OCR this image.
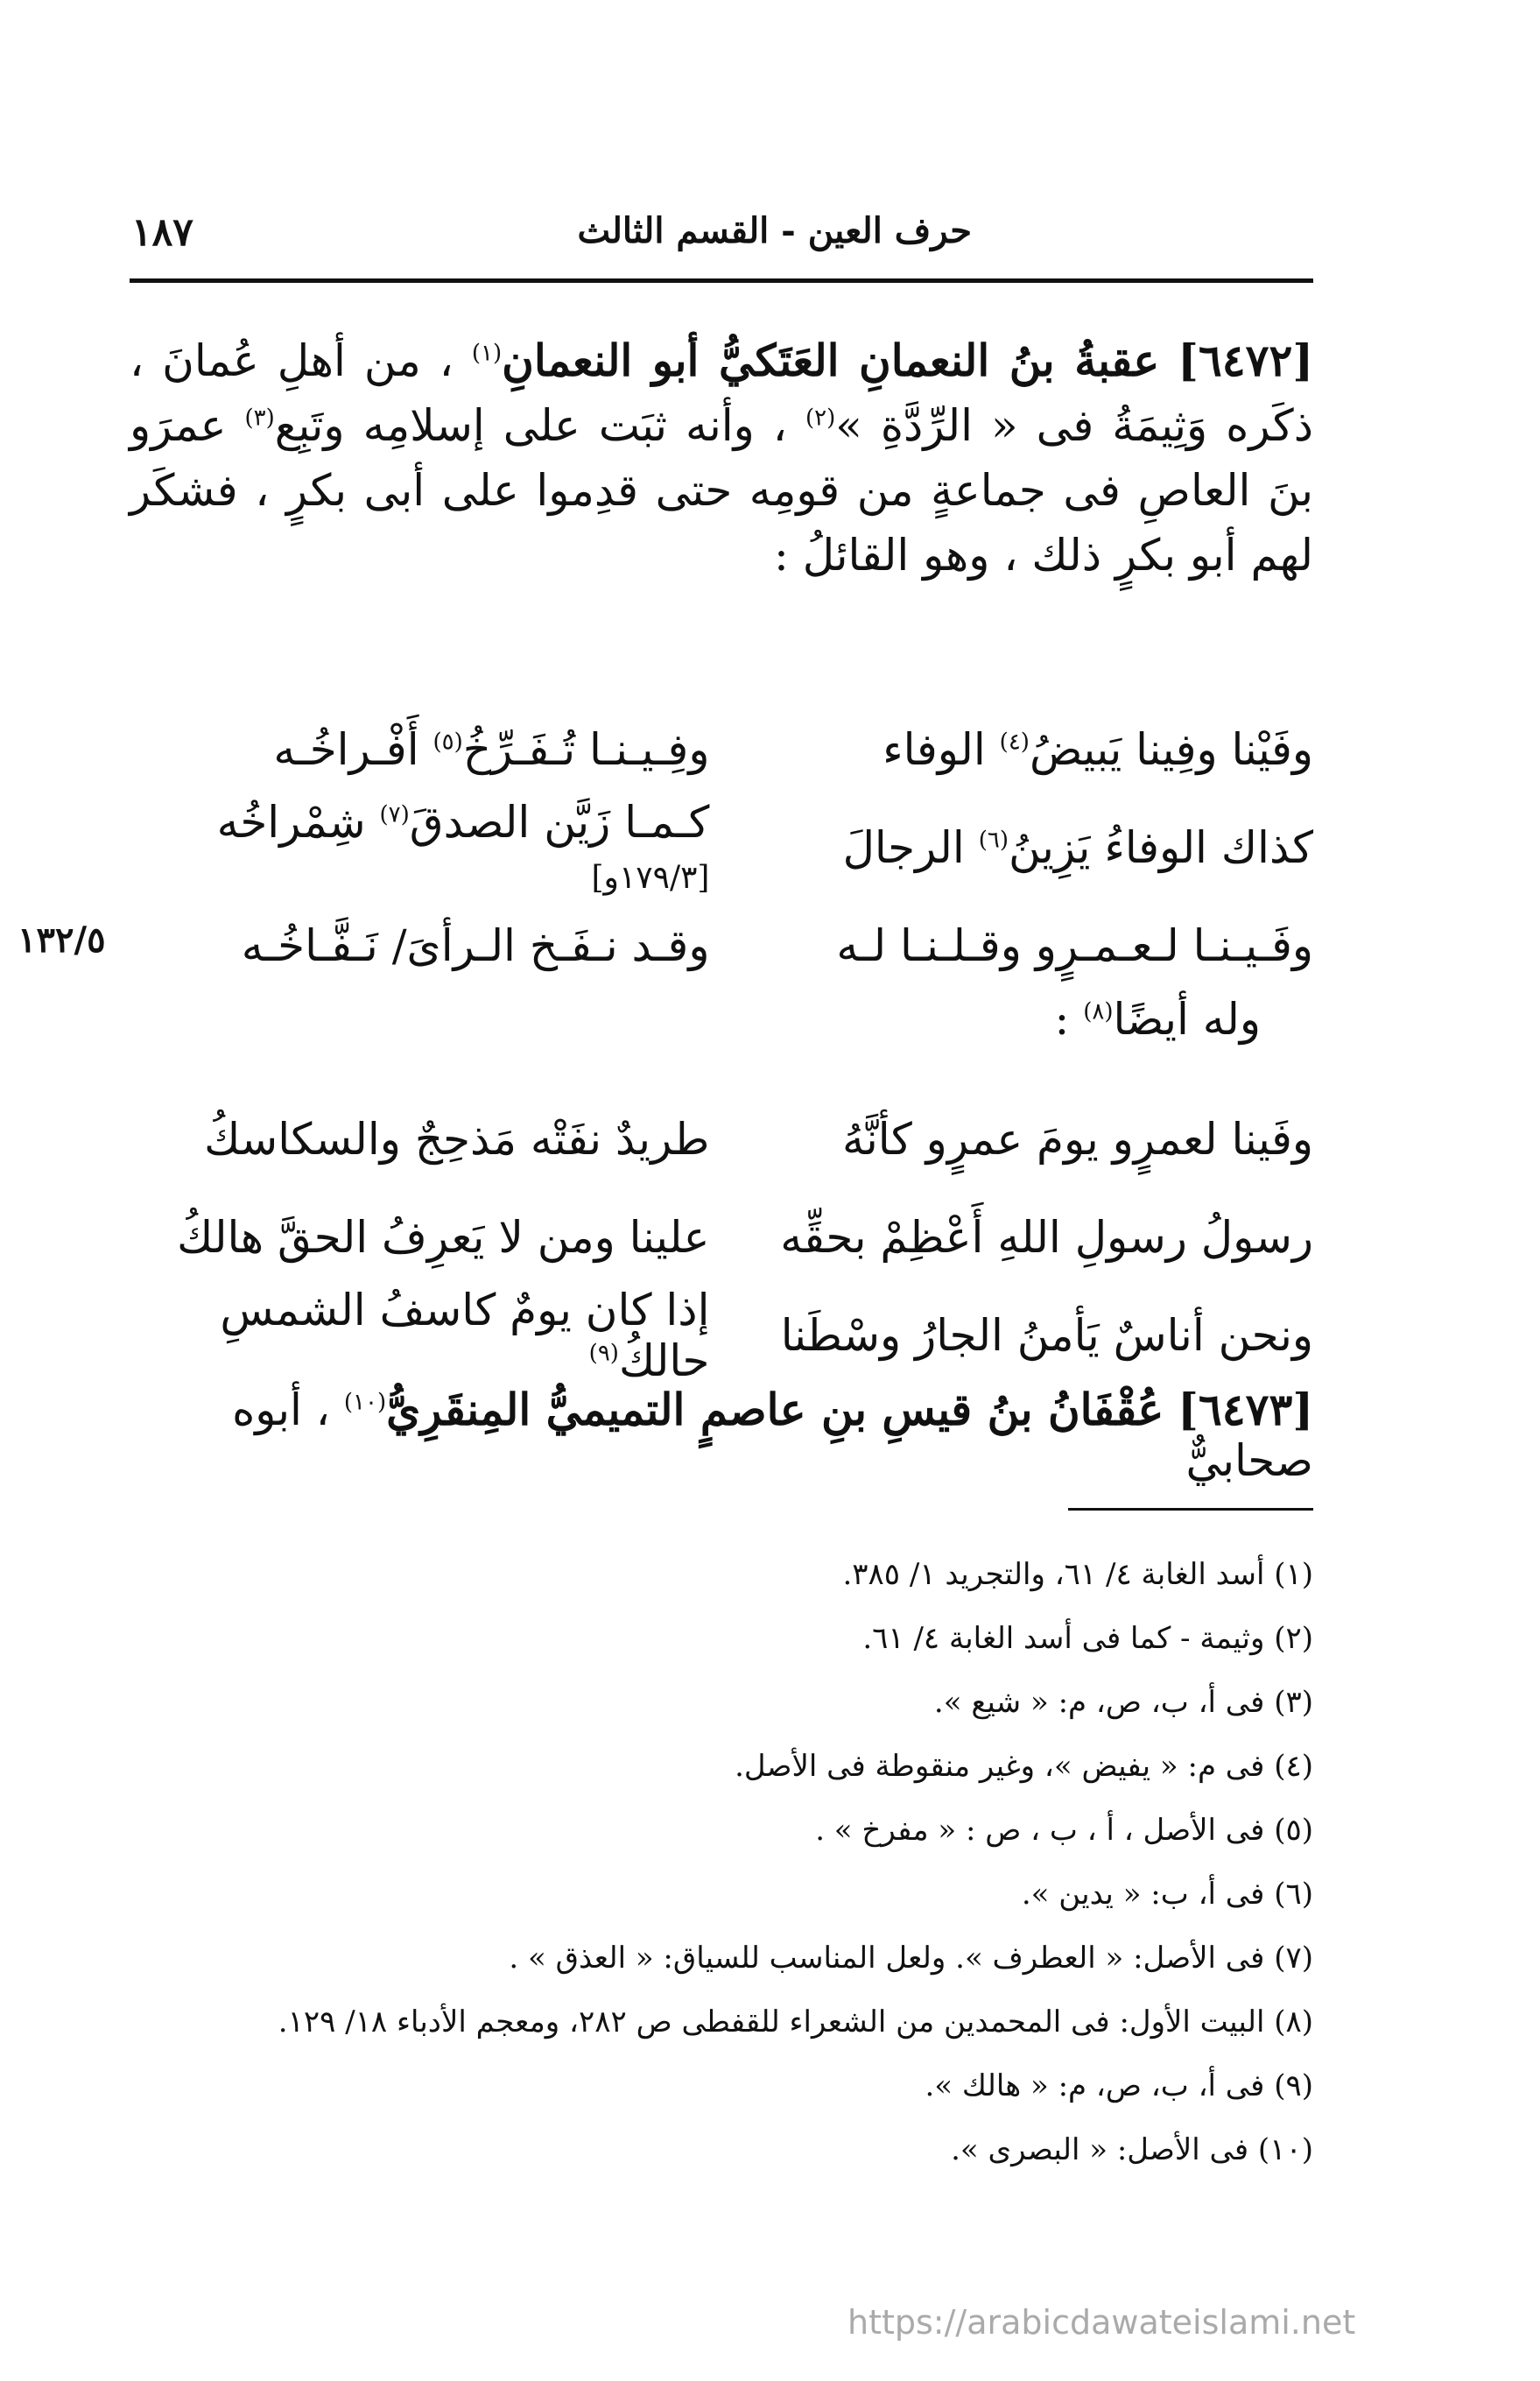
١٨٧	حرف العين - القسم الثالث

[٦٤٧٢] عقبةُ بنُ النعمانِ العَتَكيُّ أبو النعمانِ$^{(١)}$ ، من أهلِ عُمانَ ، ذكَره وَثِيمَةُ فى « الرِّدَّةِ »$^{(٢)}$ ، وأنه ثبَت على إسلامِه وتَبِع$^{(٣)}$ عمرَو بنَ العاصِ فى جماعةٍ من قومِه حتى قدِموا على أبى بكرٍ ، فشكَر لهم أبو بكرٍ ذلك ، وهو القائلُ :

وفَيْنا وفِينا يَبيضُ$^{(٤)}$ الوفاء
وفِـيـنـا تُـفَـرِّخُ$^{(٥)}$ أَفْـراخُـه
كذاك الوفاءُ يَزِينُ$^{(٦)}$ الرجالَ
كـمـا زَيَّن الصدقَ$^{(٧)}$ شِمْراخُه [١٧٩/٣و]
وفَـيـنـا لـعـمـرٍو وقـلـنـا لـه
وقـد نـفَـخ الـرأىَ/ نَـفَّـاخُـه
١٣٢/٥
وله أيضًا$^{(٨)}$ :
وفَينا لعمرٍو يومَ عمرٍو كأنَّهُ
طريدٌ نفَتْه مَذحِجٌ والسكاسكُ
رسولُ رسولِ اللهِ أَعْظِمْ بحقِّه
علينا ومن لا يَعرِفُ الحقَّ هالكُ
ونحن أناسٌ يَأمنُ الجارُ وسْطَنا
إذا كان يومٌ كاسفُ الشمسِ حالكُ$^{(٩)}$
[٦٤٧٣] عُقْفَانُ بنُ قيسِ بنِ عاصمٍ التميميُّ المِنقَرِيُّ$^{(١٠)}$ ، أبوه صحابيٌّ
(١) أسد الغابة ٤/ ٦١، والتجريد ١/ ٣٨٥.
(٢) وثيمة - كما فى أسد الغابة ٤/ ٦١.
(٣) فى أ، ب، ص، م: « شيع ».
(٤) فى م: « يفيض »، وغير منقوطة فى الأصل.
(٥) فى الأصل ، أ ، ب ، ص : « مفرخ » .
(٦) فى أ، ب: « يدين ».
(٧) فى الأصل: « العطرف ». ولعل المناسب للسياق: « العذق » .
(٨) البيت الأول: فى المحمدين من الشعراء للقفطى ص ٢٨٢، ومعجم الأدباء ١٨/ ١٢٩.
(٩) فى أ، ب، ص، م: « هالك ».
(١٠) فى الأصل: « البصرى ».
https://arabicdawateislami.net
